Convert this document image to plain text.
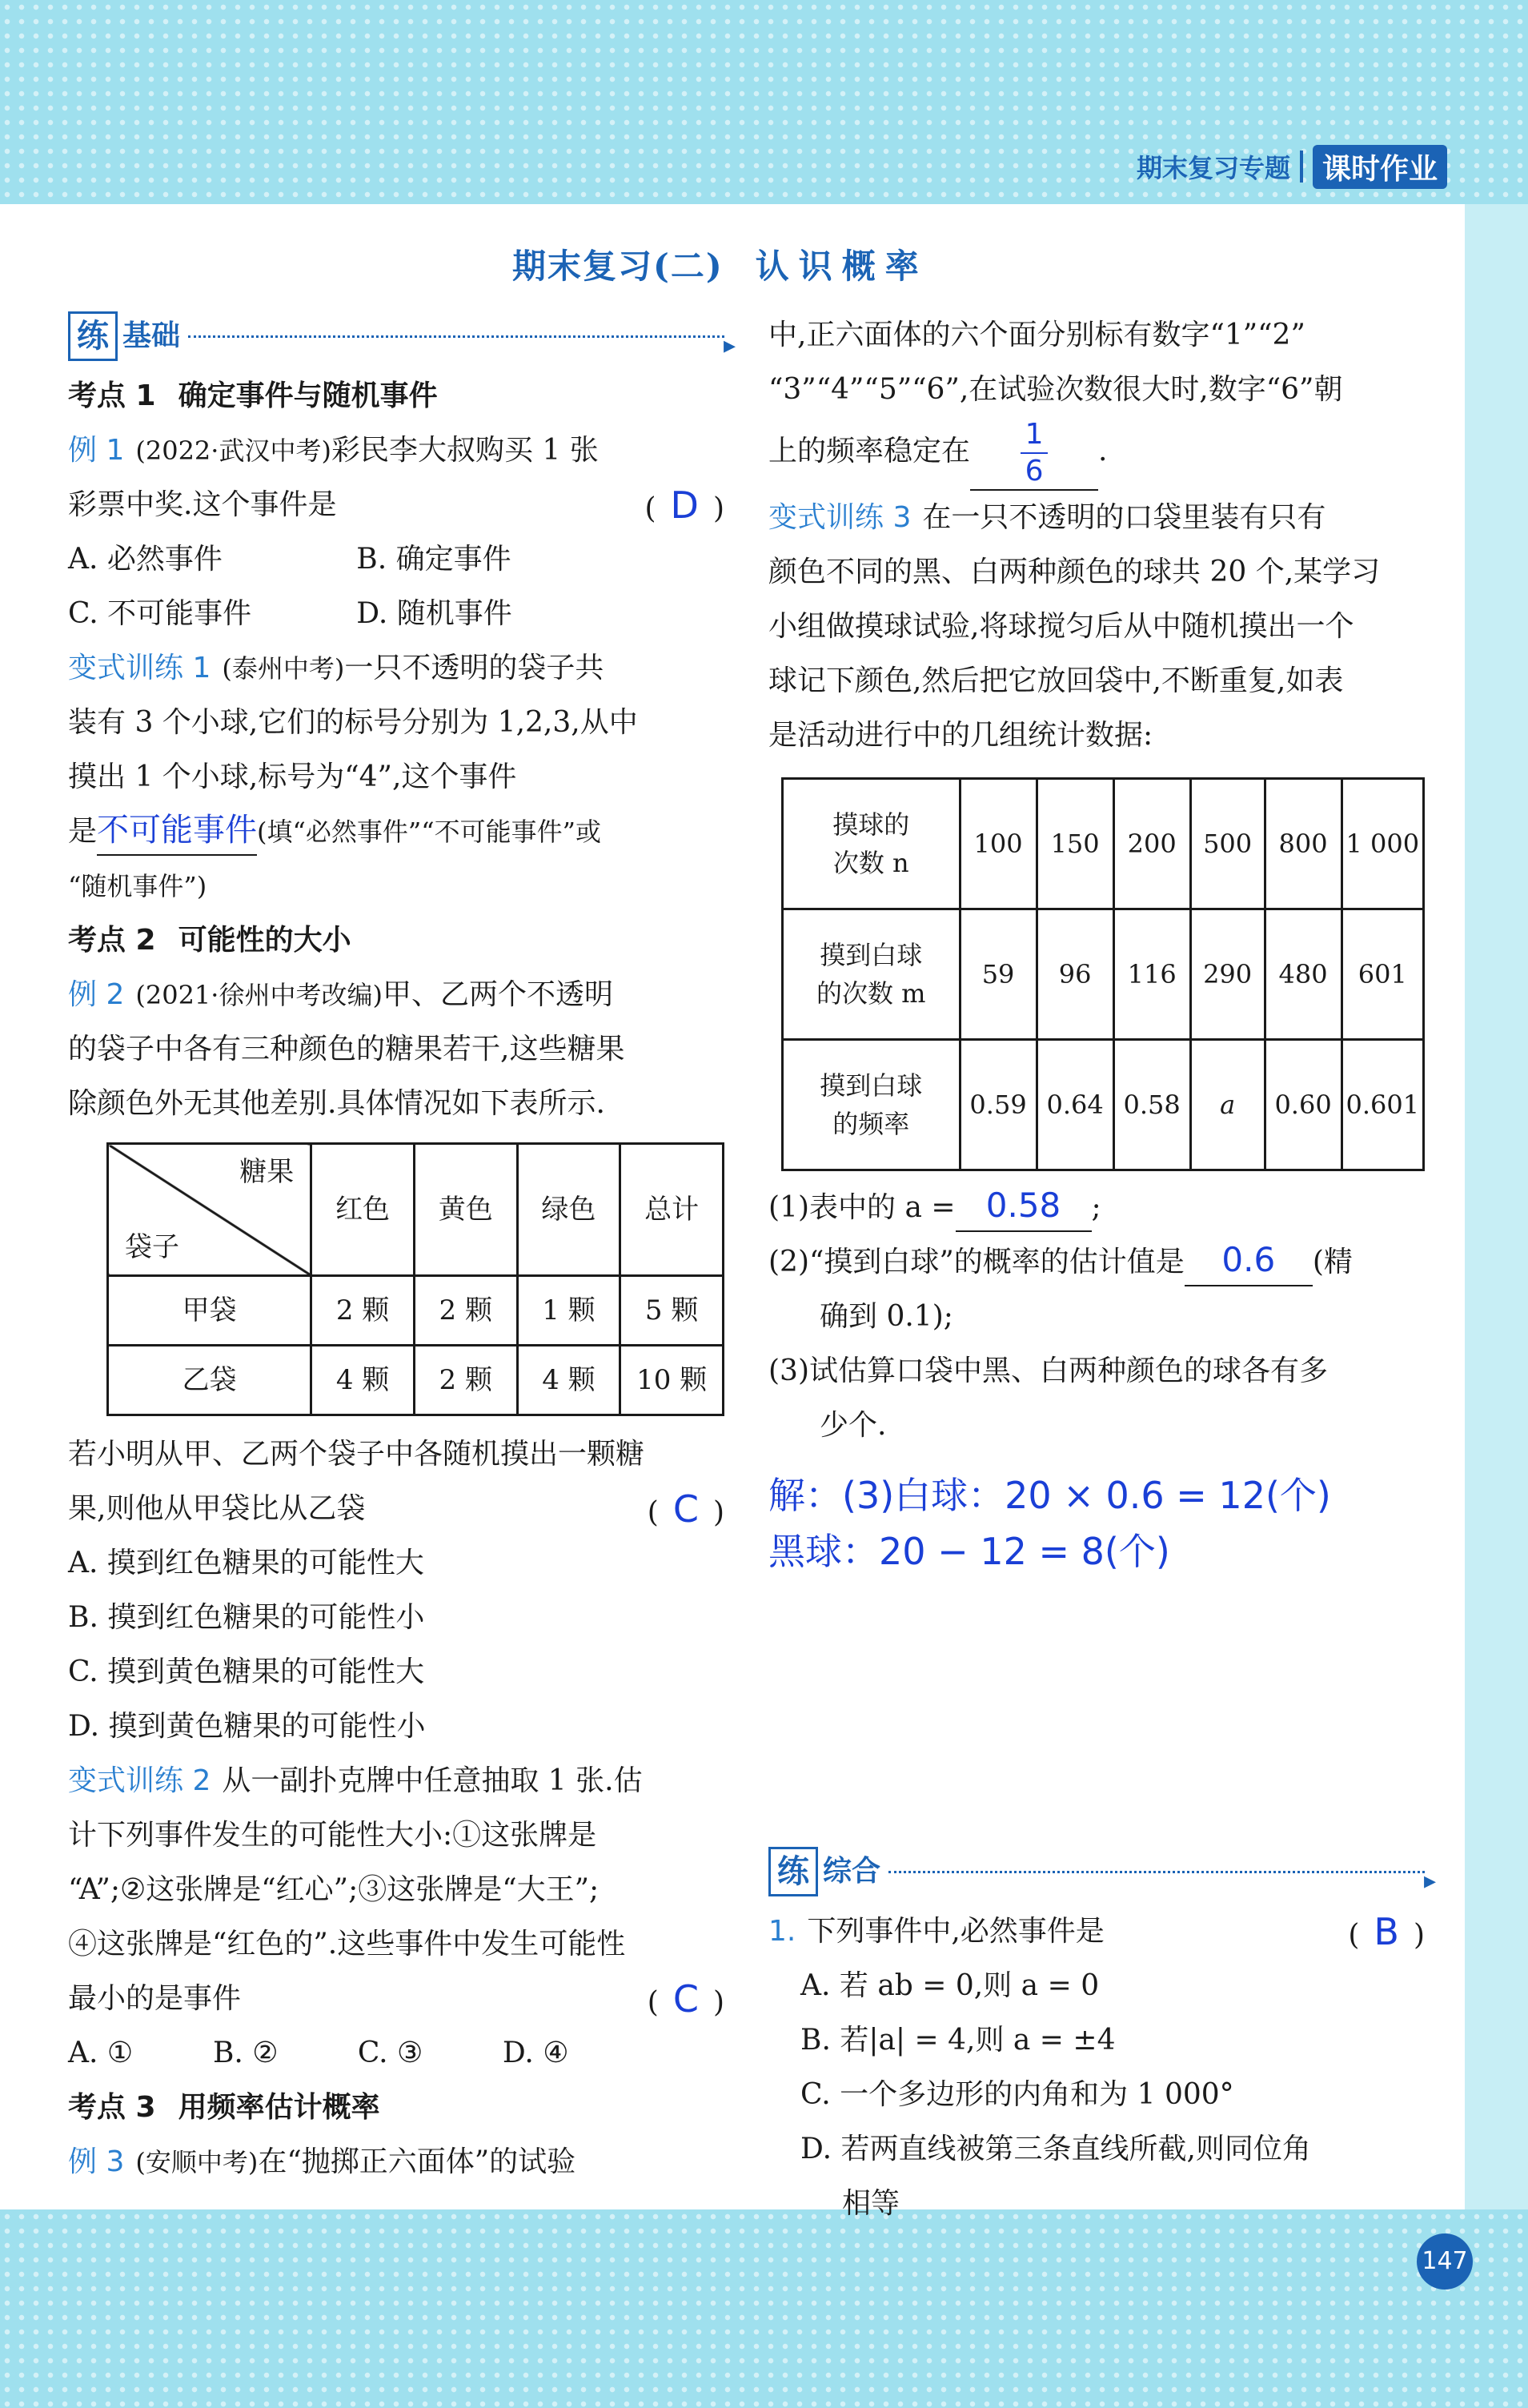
期末复习专题	课时作业
期末复习(二) 认识概率
练 基础
▸
考点 1 确定事件与随机事件
例 1 (2022·武汉中考)彩民李大叔购买 1 张
彩票中奖.这个事件是	( D )
A. 必然事件	B. 确定事件
C. 不可能事件	D. 随机事件
变式训练 1 (泰州中考)一只不透明的袋子共
装有 3 个小球,它们的标号分别为 1,2,3,从中
摸出 1 个小球,标号为“4”,这个事件
是不可能事件(填“必然事件”“不可能事件”或
“随机事件”)
考点 2 可能性的大小
例 2 (2021·徐州中考改编)甲、乙两个不透明
的袋子中各有三种颜色的糖果若干,这些糖果
除颜色外无其他差别.具体情况如下表所示.
糖果
袋子	红色	黄色	绿色	总计
甲袋	2 颗	2 颗	1 颗	5 颗
乙袋	4 颗	2 颗	4 颗	10 颗
若小明从甲、乙两个袋子中各随机摸出一颗糖
果,则他从甲袋比从乙袋	( C )
A. 摸到红色糖果的可能性大
B. 摸到红色糖果的可能性小
C. 摸到黄色糖果的可能性大
D. 摸到黄色糖果的可能性小
变式训练 2 从一副扑克牌中任意抽取 1 张.估
计下列事件发生的可能性大小:①这张牌是
“A”;②这张牌是“红心”;③这张牌是“大王”;
④这张牌是“红色的”.这些事件中发生可能性
最小的是事件	( C )
A. ①	B. ②	C. ③	D. ④
考点 3 用频率估计概率
例 3 (安顺中考)在“抛掷正六面体”的试验
中,正六面体的六个面分别标有数字“1”“2”
“3”“4”“5”“6”,在试验次数很大时,数字“6”朝
上的频率稳定在 $\frac{1}{6}$ .
变式训练 3 在一只不透明的口袋里装有只有
颜色不同的黑、白两种颜色的球共 20 个,某学习
小组做摸球试验,将球搅匀后从中随机摸出一个
球记下颜色,然后把它放回袋中,不断重复,如表
是活动进行中的几组统计数据:
摸球的
次数 n	100	150	200	500	800	1 000

摸到白球
的次数 m	59	96	116	290	480	601

摸到白球
的频率	0.59	0.64	0.58	a	0.60	0.601
(1)表中的 a = 0.58 ;
(2)“摸到白球”的概率的估计值是 0.6 (精
确到 0.1);
(3)试估算口袋中黑、白两种颜色的球各有多
少个.
解：(3)白球：20 × 0.6 = 12(个)
黑球：20 − 12 = 8(个)
练 综合
▸
1. 下列事件中,必然事件是	( B )
A. 若 ab = 0,则 a = 0
B. 若|a| = 4,则 a = ±4
C. 一个多边形的内角和为 1 000°
D. 若两直线被第三条直线所截,则同位角
相等
147
